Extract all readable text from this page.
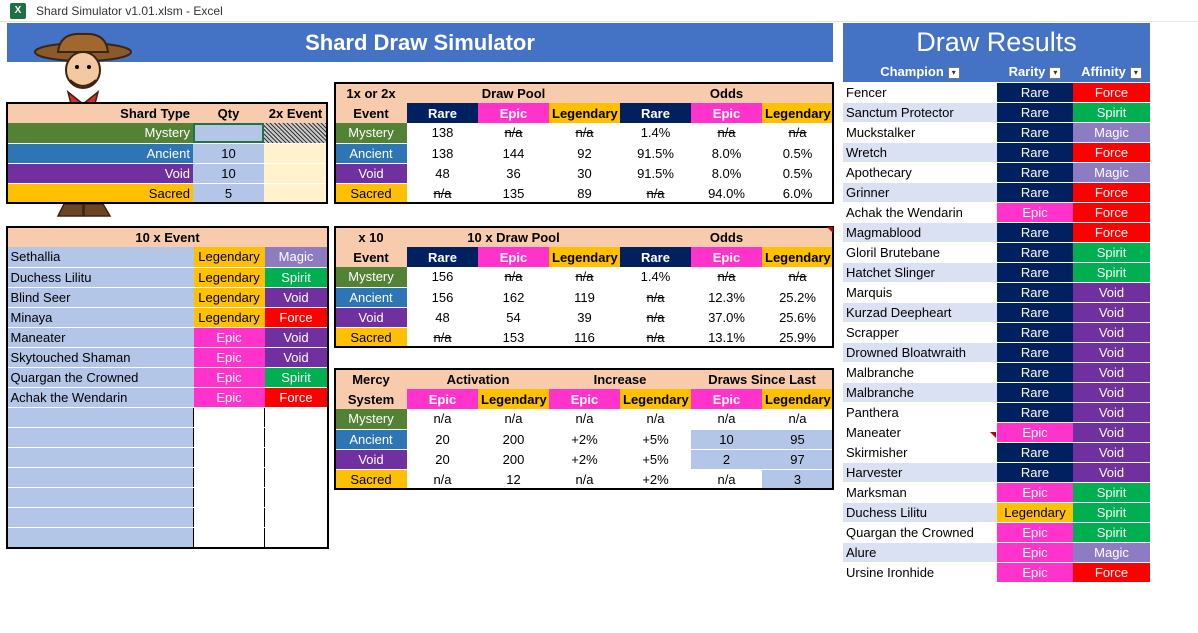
X	Shard Simulator v1.01.xlsm - Excel
Shard Draw Simulator	Draw Results
Shard Type	Qty	2x Event
Mystery		
Ancient	10	
Void	10	
Sacred	5	
10 x Event		
Sethallia	Legendary	Magic
Duchess Lilitu	Legendary	Spirit
Blind Seer	Legendary	Void
Minaya	Legendary	Force
Maneater	Epic	Void
Skytouched Shaman	Epic	Void
Quargan the Crowned	Epic	Spirit
Achak the Wendarin	Epic	Force

1x or 2x	Draw Pool			Odds		
Event	Rare	Epic	Legendary	Rare	Epic	Legendary
Mystery	138	n/a	n/a	1.4%	n/a	n/a
Ancient	138	144	92	91.5%	8.0%	0.5%
Void	48	36	30	91.5%	8.0%	0.5%
Sacred	n/a	135	89	n/a	94.0%	6.0%
x 10	10 x Draw Pool			Odds		

Event	Rare	Epic	Legendary	Rare	Epic	Legendary
Mystery	156	n/a	n/a	1.4%	n/a	n/a
Ancient	156	162	119	n/a	12.3%	25.2%
Void	48	54	39	n/a	37.0%	25.6%
Sacred	n/a	153	116	n/a	13.1%	25.9%
Mercy	Activation		Increase		Draws Since Last	
System	Epic	Legendary	Epic	Legendary	Epic	Legendary
Mystery	n/a	n/a	n/a	n/a	n/a	n/a
Ancient	20	200	+2%	+5%	10	95
Void	20	200	+2%	+5%	2	97
Sacred	n/a	12	n/a	+2%	n/a	3
Champion ▾	Rarity ▾	Affinity ▾
Fencer	Rare	Force
Sanctum Protector	Rare	Spirit
Muckstalker	Rare	Magic
Wretch	Rare	Force
Apothecary	Rare	Magic
Grinner	Rare	Force
Achak the Wendarin	Epic	Force
Magmablood	Rare	Force
Gloril Brutebane	Rare	Spirit
Hatchet Slinger	Rare	Spirit
Marquis	Rare	Void
Kurzad Deepheart	Rare	Void
Scrapper	Rare	Void
Drowned Bloatwraith	Rare	Void
Malbranche	Rare	Void
Malbranche	Rare	Void
Panthera	Rare	Void
Maneater	Epic	Void
Skirmisher	Rare	Void
Harvester	Rare	Void
Marksman	Epic	Spirit
Duchess Lilitu	Legendary	Spirit
Quargan the Crowned	Epic	Spirit
Alure	Epic	Magic
Ursine Ironhide	Epic	Force
